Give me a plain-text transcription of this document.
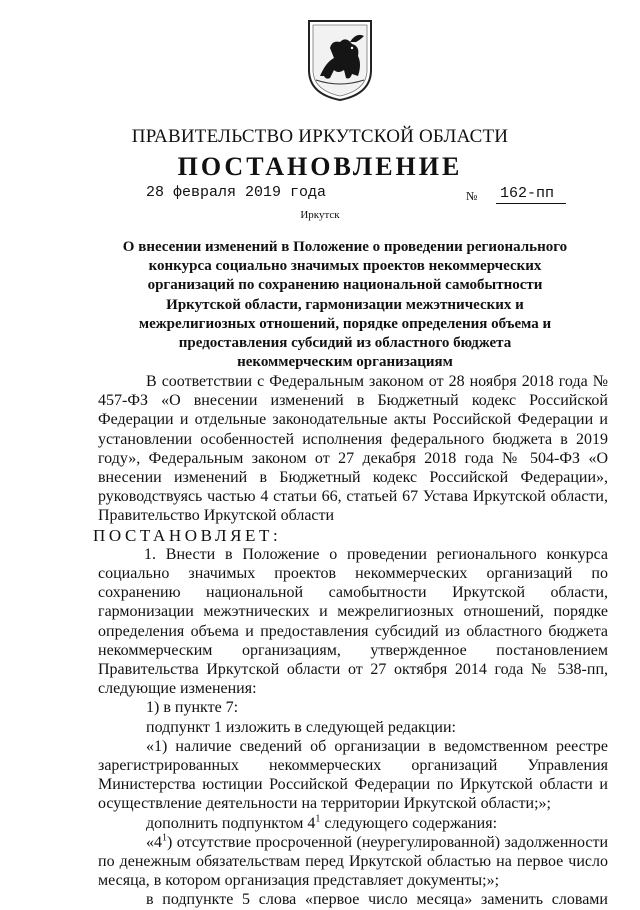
ПРАВИТЕЛЬСТВО ИРКУТСКОЙ ОБЛАСТИ
ПОСТАНОВЛЕНИЕ
28 февраля 2019 года	№ 162-пп
Иркутск
О внесении изменений в Положение о проведении регионального конкурса социально значимых проектов некоммерческих организаций по сохранению национальной самобытности Иркутской области, гармонизации межэтнических и межрелигиозных отношений, порядке определения объема и предоставления субсидий из областного бюджета некоммерческим организациям

В соответствии с Федеральным законом от 28 ноября 2018 года № 457-ФЗ «О внесении изменений в Бюджетный кодекс Российской Федерации и отдельные законодательные акты Российской Федерации и установлении особенностей исполнения федерального бюджета в 2019 году», Федеральным законом от 27 декабря 2018 года № 504-ФЗ «О внесении изменений в Бюджетный кодекс Российской Федерации», руководствуясь частью 4 статьи 66, статьей 67 Устава Иркутской области, Правительство Иркутской области

ПОСТАНОВЛЯЕТ:

1. Внести в Положение о проведении регионального конкурса социально значимых проектов некоммерческих организаций по сохранению национальной самобытности Иркутской области, гармонизации межэтнических и межрелигиозных отношений, порядке определения объема и предоставления субсидий из областного бюджета некоммерческим организациям, утвержденное постановлением Правительства Иркутской области от 27 октября 2014 года № 538-пп, следующие изменения:

1) в пункте 7:

подпункт 1 изложить в следующей редакции:

«1) наличие сведений об организации в ведомственном реестре зарегистрированных некоммерческих организаций Управления Министерства юстиции Российской Федерации по Иркутской области и осуществление деятельности на территории Иркутской области;»;

дополнить подпунктом $4^1$ следующего содержания:

«$4^1$) отсутствие просроченной (неурегулированной) задолженности по денежным обязательствам перед Иркутской областью на первое число месяца, в котором организация представляет документы;»;

в подпункте 5 слова «первое число месяца» заменить словами
